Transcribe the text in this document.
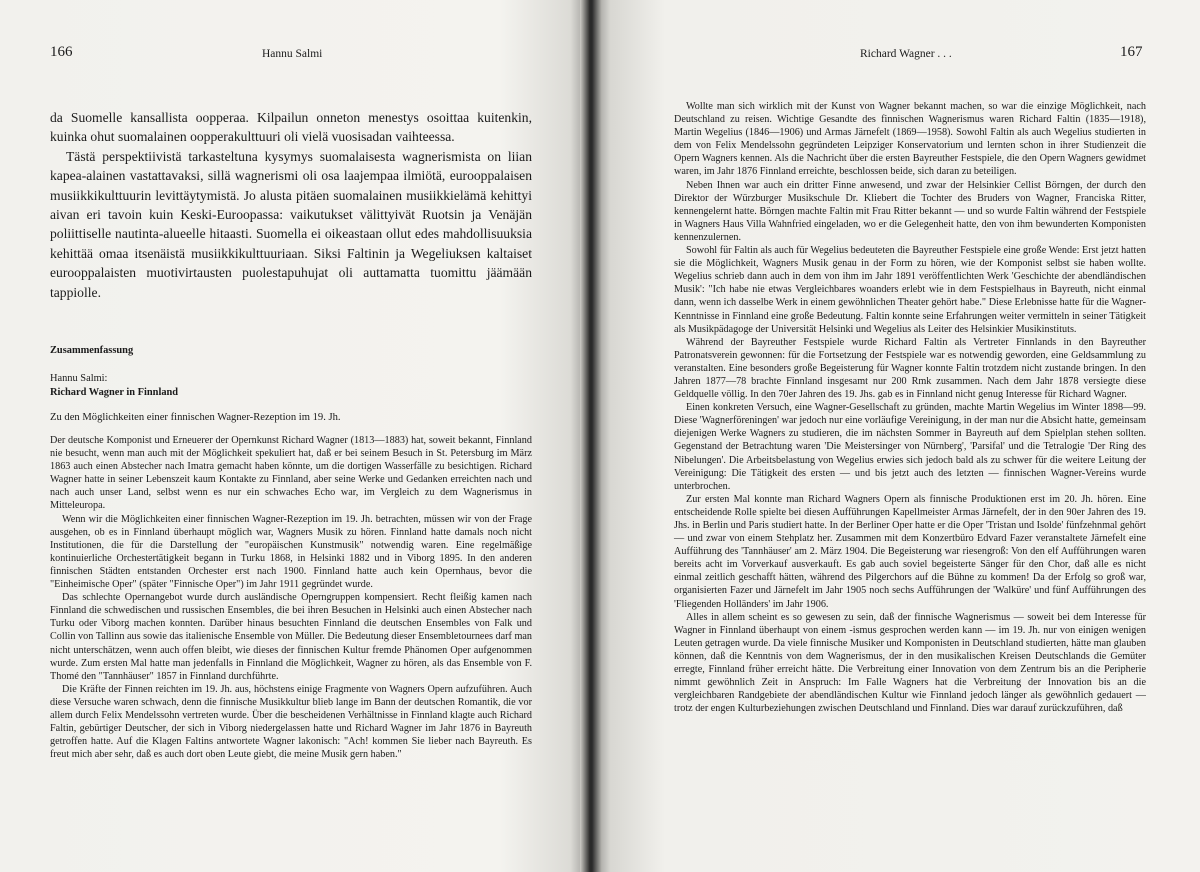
166	Hannu Salmi

da Suomelle kansallista oopperaa. Kilpailun onneton menestys osoittaa kuitenkin, kuinka ohut suomalainen oopperakulttuuri oli vielä vuosisadan vaihteessa.

Tästä perspektiivistä tarkasteltuna kysymys suomalaisesta wagnerismista on liian kapea-alainen vastattavaksi, sillä wagnerismi oli osa laajempaa ilmiötä, eurooppalaisen musiikkikulttuurin levittäytymistä. Jo alusta pitäen suomalainen musiikkielämä kehittyi aivan eri tavoin kuin Keski-Euroopassa: vaikutukset välittyivät Ruotsin ja Venäjän poliittiselle nautinta-alueelle hitaasti. Suomella ei oikeastaan ollut edes mahdollisuuksia kehittää omaa itsenäistä musiikkikulttuuriaan. Siksi Faltinin ja Wegeliuksen kaltaiset eurooppalaisten muotivirtausten puolestapuhujat oli auttamatta tuomittu jäämään tappiolle.

Zusammenfassung
Hannu Salmi:
Richard Wagner in Finnland
Zu den Möglichkeiten einer finnischen Wagner-Rezeption im 19. Jh.

Der deutsche Komponist und Erneuerer der Opernkunst Richard Wagner (1813—1883) hat, soweit bekannt, Finnland nie besucht, wenn man auch mit der Möglichkeit spekuliert hat, daß er bei seinem Besuch in St. Petersburg im März 1863 auch einen Abstecher nach Imatra gemacht haben könnte, um die dortigen Wasserfälle zu besichtigen. Richard Wagner hatte in seiner Lebenszeit kaum Kontakte zu Finnland, aber seine Werke und Gedanken erreichten nach und nach auch unser Land, selbst wenn es nur ein schwaches Echo war, im Vergleich zu dem Wagnerismus in Mitteleuropa.

Wenn wir die Möglichkeiten einer finnischen Wagner-Rezeption im 19. Jh. betrachten, müssen wir von der Frage ausgehen, ob es in Finnland überhaupt möglich war, Wagners Musik zu hören. Finnland hatte damals noch nicht Institutionen, die für die Darstellung der "europäischen Kunstmusik" notwendig waren. Eine regelmäßige kontinuierliche Orchestertätigkeit begann in Turku 1868, in Helsinki 1882 und in Viborg 1895. In den anderen finnischen Städten entstanden Orchester erst nach 1900. Finnland hatte auch kein Opernhaus, bevor die "Einheimische Oper" (später "Finnische Oper") im Jahr 1911 gegründet wurde.

Das schlechte Opernangebot wurde durch ausländische Operngruppen kompensiert. Recht fleißig kamen nach Finnland die schwedischen und russischen Ensembles, die bei ihren Besuchen in Helsinki auch einen Abstecher nach Turku oder Viborg machen konnten. Darüber hinaus besuchten Finnland die deutschen Ensembles von Falk und Collin von Tallinn aus sowie das italienische Ensemble von Müller. Die Bedeutung dieser Ensembletournees darf man nicht unterschätzen, wenn auch offen bleibt, wie dieses der finnischen Kultur fremde Phänomen Oper aufgenommen wurde. Zum ersten Mal hatte man jedenfalls in Finnland die Möglichkeit, Wagner zu hören, als das Ensemble von F. Thomé den "Tannhäuser" 1857 in Finnland durchführte.

Die Kräfte der Finnen reichten im 19. Jh. aus, höchstens einige Fragmente von Wagners Opern aufzuführen. Auch diese Versuche waren schwach, denn die finnische Musikkultur blieb lange im Bann der deutschen Romantik, die vor allem durch Felix Mendelssohn vertreten wurde. Über die bescheidenen Verhältnisse in Finnland klagte auch Richard Faltin, gebürtiger Deutscher, der sich in Viborg niedergelassen hatte und Richard Wagner im Jahr 1876 in Bayreuth getroffen hatte. Auf die Klagen Faltins antwortete Wagner lakonisch: "Ach! kommen Sie lieber nach Bayreuth. Es freut mich aber sehr, daß es auch dort oben Leute giebt, die meine Musik gern haben."

Richard Wagner . . .	167

Wollte man sich wirklich mit der Kunst von Wagner bekannt machen, so war die einzige Möglichkeit, nach Deutschland zu reisen. Wichtige Gesandte des finnischen Wagnerismus waren Richard Faltin (1835—1918), Martin Wegelius (1846—1906) und Armas Järnefelt (1869—1958). Sowohl Faltin als auch Wegelius studierten in dem von Felix Mendelssohn gegründeten Leipziger Konservatorium und lernten schon in ihrer Studienzeit die Opern Wagners kennen. Als die Nachricht über die ersten Bayreuther Festspiele, die den Opern Wagners gewidmet waren, im Jahr 1876 Finnland erreichte, beschlossen beide, sich daran zu beteiligen.

Neben Ihnen war auch ein dritter Finne anwesend, und zwar der Helsinkier Cellist Börngen, der durch den Direktor der Würzburger Musikschule Dr. Kliebert die Tochter des Bruders von Wagner, Franciska Ritter, kennengelernt hatte. Börngen machte Faltin mit Frau Ritter bekannt — und so wurde Faltin während der Festspiele in Wagners Haus Villa Wahnfried eingeladen, wo er die Gelegenheit hatte, den von ihm bewunderten Komponisten kennenzulernen.

Sowohl für Faltin als auch für Wegelius bedeuteten die Bayreuther Festspiele eine große Wende: Erst jetzt hatten sie die Möglichkeit, Wagners Musik genau in der Form zu hören, wie der Komponist selbst sie haben wollte. Wegelius schrieb dann auch in dem von ihm im Jahr 1891 veröffentlichten Werk 'Geschichte der abendländischen Musik': "Ich habe nie etwas Vergleichbares woanders erlebt wie in dem Festspielhaus in Bayreuth, nicht einmal dann, wenn ich dasselbe Werk in einem gewöhnlichen Theater gehört habe." Diese Erlebnisse hatte für die Wagner-Kenntnisse in Finnland eine große Bedeutung. Faltin konnte seine Erfahrungen weiter vermitteln in seiner Tätigkeit als Musikpädagoge der Universität Helsinki und Wegelius als Leiter des Helsinkier Musikinstituts.

Während der Bayreuther Festspiele wurde Richard Faltin als Vertreter Finnlands in den Bayreuther Patronatsverein gewonnen: für die Fortsetzung der Festspiele war es notwendig geworden, eine Geldsammlung zu veranstalten. Eine besonders große Begeisterung für Wagner konnte Faltin trotzdem nicht zustande bringen. In den Jahren 1877—78 brachte Finnland insgesamt nur 200 Rmk zusammen. Nach dem Jahr 1878 versiegte diese Geldquelle völlig. In den 70er Jahren des 19. Jhs. gab es in Finnland nicht genug Interesse für Richard Wagner.

Einen konkreten Versuch, eine Wagner-Gesellschaft zu gründen, machte Martin Wegelius im Winter 1898—99. Diese 'Wagnerföreningen' war jedoch nur eine vorläufige Vereinigung, in der man nur die Absicht hatte, gemeinsam diejenigen Werke Wagners zu studieren, die im nächsten Sommer in Bayreuth auf dem Spielplan stehen sollten. Gegenstand der Betrachtung waren 'Die Meistersinger von Nürnberg', 'Parsifal' und die Tetralogie 'Der Ring des Nibelungen'. Die Arbeitsbelastung von Wegelius erwies sich jedoch bald als zu schwer für die weitere Leitung der Vereinigung: Die Tätigkeit des ersten — und bis jetzt auch des letzten — finnischen Wagner-Vereins wurde unterbrochen.

Zur ersten Mal konnte man Richard Wagners Opern als finnische Produktionen erst im 20. Jh. hören. Eine entscheidende Rolle spielte bei diesen Aufführungen Kapellmeister Armas Järnefelt, der in den 90er Jahren des 19. Jhs. in Berlin und Paris studiert hatte. In der Berliner Oper hatte er die Oper 'Tristan und Isolde' fünfzehnmal gehört — und zwar von einem Stehplatz her. Zusammen mit dem Konzertbüro Edvard Fazer veranstaltete Järnefelt eine Aufführung des 'Tannhäuser' am 2. März 1904. Die Begeisterung war riesengroß: Von den elf Aufführungen waren bereits acht im Vorverkauf ausverkauft. Es gab auch soviel begeisterte Sänger für den Chor, daß alle es nicht einmal zeitlich geschafft hätten, während des Pilgerchors auf die Bühne zu kommen! Da der Erfolg so groß war, organisierten Fazer und Järnefelt im Jahr 1905 noch sechs Aufführungen der 'Walküre' und fünf Aufführungen des 'Fliegenden Holländers' im Jahr 1906.

Alles in allem scheint es so gewesen zu sein, daß der finnische Wagnerismus — soweit bei dem Interesse für Wagner in Finnland überhaupt von einem -ismus gesprochen werden kann — im 19. Jh. nur von einigen wenigen Leuten getragen wurde. Da viele finnische Musiker und Komponisten in Deutschland studierten, hätte man glauben können, daß die Kenntnis von dem Wagnerismus, der in den musikalischen Kreisen Deutschlands die Gemüter erregte, Finnland früher erreicht hätte. Die Verbreitung einer Innovation von dem Zentrum bis an die Peripherie nimmt gewöhnlich Zeit in Anspruch: Im Falle Wagners hat die Verbreitung der Innovation bis an die vergleichbaren Randgebiete der abendländischen Kultur wie Finnland jedoch länger als gewöhnlich gedauert — trotz der engen Kulturbeziehungen zwischen Deutschland und Finnland. Dies war darauf zurückzuführen, daß
